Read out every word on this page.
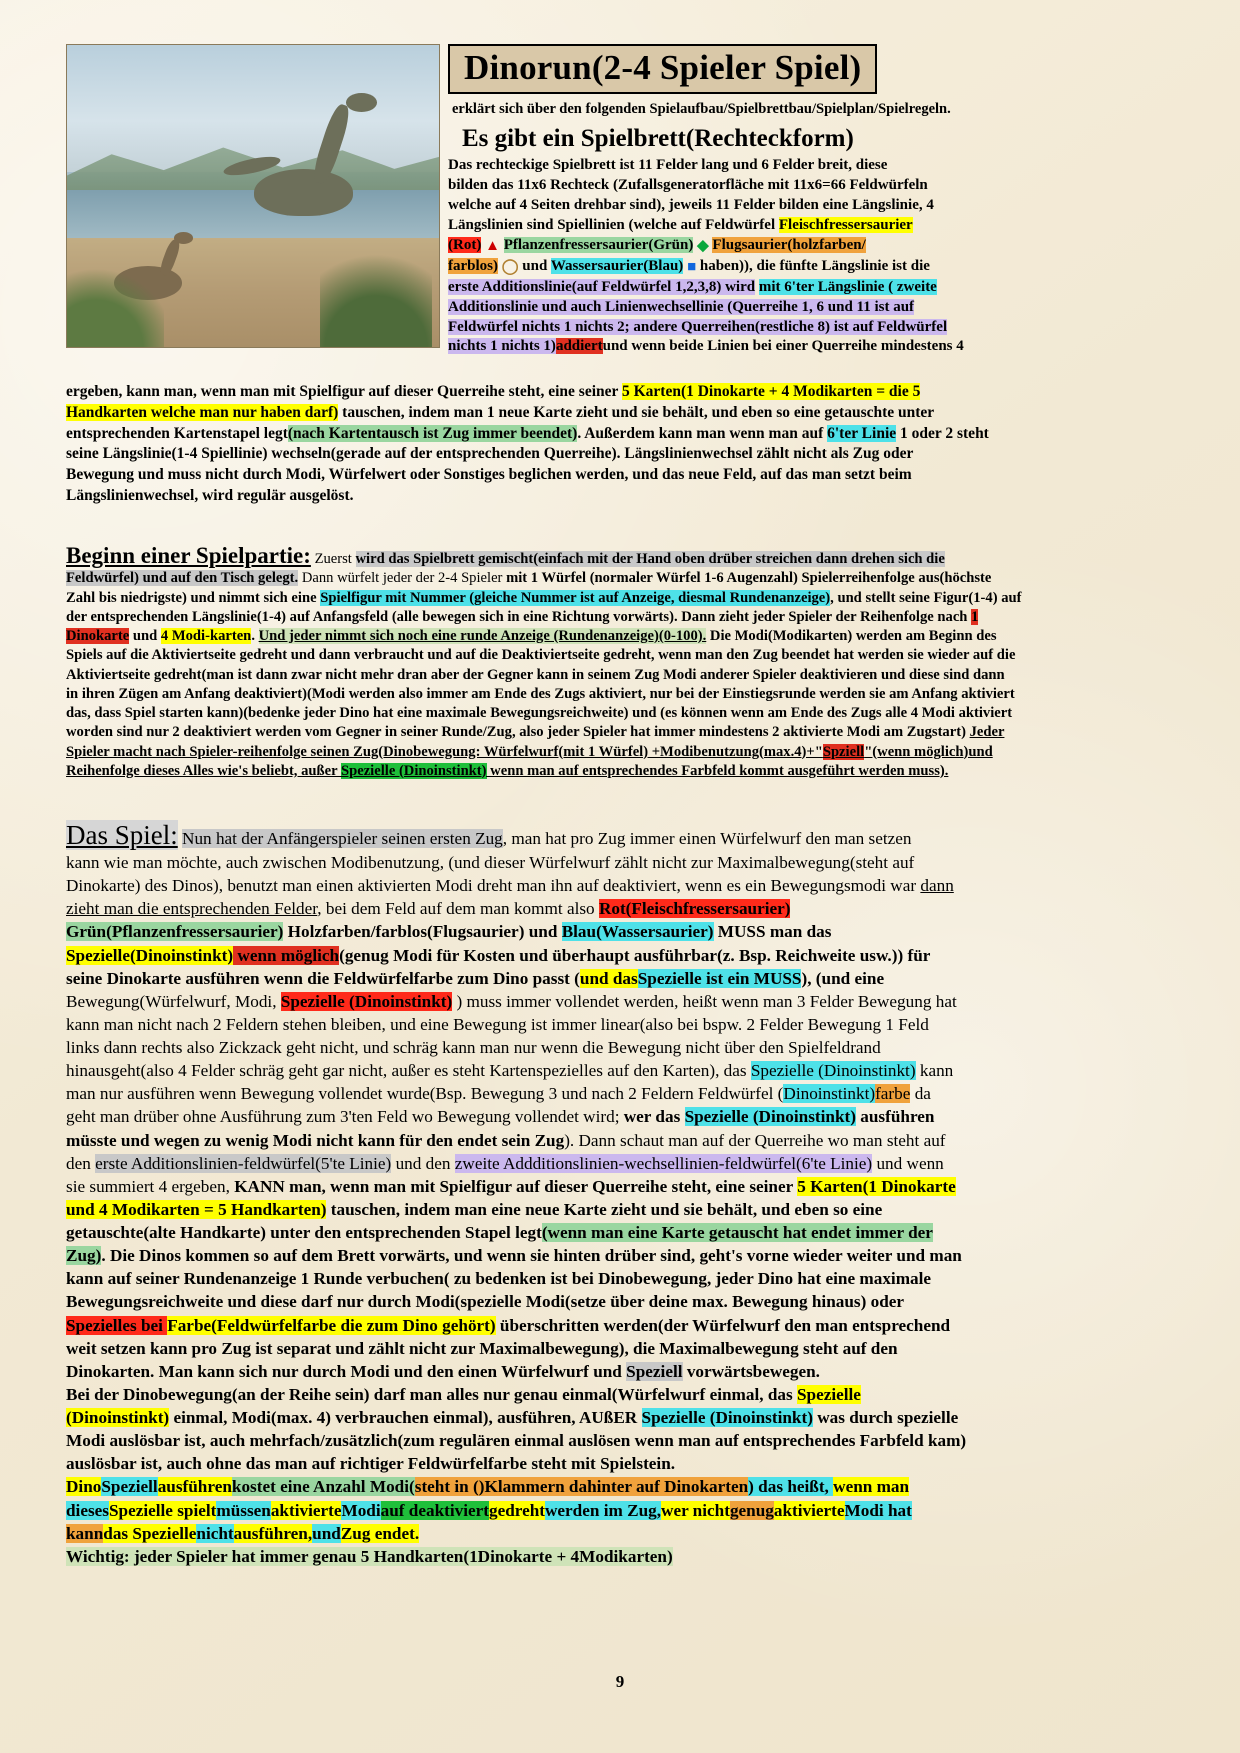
Dinorun(2-4 Spieler Spiel)
erklärt sich über den folgenden Spielaufbau/Spielbrettbau/Spielplan/Spielregeln.
Es gibt ein Spielbrett(Rechteckform)
Das rechteckige Spielbrett ist 11 Felder lang und 6 Felder breit, diese
bilden das 11x6 Rechteck (Zufallsgeneratorfläche mit 11x6=66 Feldwürfeln
welche auf 4 Seiten drehbar sind), jeweils 11 Felder bilden eine Längslinie, 4
Längslinien sind Spiellinien (welche auf Feldwürfel Fleischfressersaurier
(Rot) ▲ Pflanzenfressersaurier(Grün) ◆ Flugsaurier(holzfarben/
farblos) ◯ und Wassersaurier(Blau) ■ haben)), die fünfte Längslinie ist die
erste Additionslinie(auf Feldwürfel 1,2,3,8) wird mit 6'ter Längslinie ( zweite
Additionslinie und auch Linienwechsellinie (Querreihe 1, 6 und 11 ist auf
Feldwürfel nichts 1 nichts 2; andere Querreihen(restliche 8) ist auf Feldwürfel
nichts 1 nichts 1)addiertund wenn beide Linien bei einer Querreihe mindestens 4
ergeben, kann man, wenn man mit Spielfigur auf dieser Querreihe steht, eine seiner 5 Karten(1 Dinokarte + 4 Modikarten = die 5
Handkarten welche man nur haben darf) tauschen, indem man 1 neue Karte zieht und sie behält, und eben so eine getauschte unter
entsprechenden Kartenstapel legt(nach Kartentausch ist Zug immer beendet). Außerdem kann man wenn man auf 6'ter Linie 1 oder 2 steht
seine Längslinie(1-4 Spiellinie) wechseln(gerade auf der entsprechenden Querreihe). Längslinienwechsel zählt nicht als Zug oder
Bewegung und muss nicht durch Modi, Würfelwert oder Sonstiges beglichen werden, und das neue Feld, auf das man setzt beim
Längslinienwechsel, wird regulär ausgelöst.
Beginn einer Spielpartie: Zuerst wird das Spielbrett gemischt(einfach mit der Hand oben drüber streichen dann drehen sich die
Feldwürfel) und auf den Tisch gelegt. Dann würfelt jeder der 2-4 Spieler mit 1 Würfel (normaler Würfel 1-6 Augenzahl) Spielerreihenfolge aus(höchste
Zahl bis niedrigste) und nimmt sich eine Spielfigur mit Nummer (gleiche Nummer ist auf Anzeige, diesmal Rundenanzeige), und stellt seine Figur(1-4) auf
der entsprechenden Längslinie(1-4) auf Anfangsfeld (alle bewegen sich in eine Richtung vorwärts). Dann zieht jeder Spieler der Reihenfolge nach 1
Dinokarte und 4 Modi-karten. Und jeder nimmt sich noch eine runde Anzeige (Rundenanzeige)(0-100). Die Modi(Modikarten) werden am Beginn des
Spiels auf die Aktiviertseite gedreht und dann verbraucht und auf die Deaktiviertseite gedreht, wenn man den Zug beendet hat werden sie wieder auf die
Aktiviertseite gedreht(man ist dann zwar nicht mehr dran aber der Gegner kann in seinem Zug Modi anderer Spieler deaktivieren und diese sind dann
in ihren Zügen am Anfang deaktiviert)(Modi werden also immer am Ende des Zugs aktiviert, nur bei der Einstiegsrunde werden sie am Anfang aktiviert
das, dass Spiel starten kann)(bedenke jeder Dino hat eine maximale Bewegungsreichweite) und (es können wenn am Ende des Zugs alle 4 Modi aktiviert
worden sind nur 2 deaktiviert werden vom Gegner in seiner Runde/Zug, also jeder Spieler hat immer mindestens 2 aktivierte Modi am Zugstart) Jeder
Spieler macht nach Spieler-reihenfolge seinen Zug(Dinobewegung: Würfelwurf(mit 1 Würfel) +Modibenutzung(max.4)+"Spziell"(wenn möglich)und
Reihenfolge dieses Alles wie's beliebt, außer Spezielle (Dinoinstinkt) wenn man auf entsprechendes Farbfeld kommt ausgeführt werden muss).
Das Spiel: Nun hat der Anfängerspieler seinen ersten Zug, man hat pro Zug immer einen Würfelwurf den man setzen
kann wie man möchte, auch zwischen Modibenutzung, (und dieser Würfelwurf zählt nicht zur Maximalbewegung(steht auf
Dinokarte) des Dinos), benutzt man einen aktivierten Modi dreht man ihn auf deaktiviert, wenn es ein Bewegungsmodi war dann
zieht man die entsprechenden Felder, bei dem Feld auf dem man kommt also Rot(Fleischfressersaurier)
Grün(Pflanzenfressersaurier) Holzfarben/farblos(Flugsaurier) und Blau(Wassersaurier) MUSS man das
Spezielle(Dinoinstinkt) wenn möglich(genug Modi für Kosten und überhaupt ausführbar(z. Bsp. Reichweite usw.)) für
seine Dinokarte ausführen wenn die Feldwürfelfarbe zum Dino passt (und dasSpezielle ist ein MUSS), (und eine
Bewegung(Würfelwurf, Modi, Spezielle (Dinoinstinkt) ) muss immer vollendet werden, heißt wenn man 3 Felder Bewegung hat
kann man nicht nach 2 Feldern stehen bleiben, und eine Bewegung ist immer linear(also bei bspw. 2 Felder Bewegung 1 Feld
links dann rechts also Zickzack geht nicht, und schräg kann man nur wenn die Bewegung nicht über den Spielfeldrand
hinausgeht(also 4 Felder schräg geht gar nicht, außer es steht Kartenspezielles auf den Karten), das Spezielle (Dinoinstinkt) kann
man nur ausführen wenn Bewegung vollendet wurde(Bsp. Bewegung 3 und nach 2 Feldern Feldwürfel (Dinoinstinkt)farbe da
geht man drüber ohne Ausführung zum 3'ten Feld wo Bewegung vollendet wird; wer das Spezielle (Dinoinstinkt) ausführen
müsste und wegen zu wenig Modi nicht kann für den endet sein Zug). Dann schaut man auf der Querreihe wo man steht auf
den erste Additionslinien-feldwürfel(5'te Linie) und den zweite Addditionslinien-wechsellinien-feldwürfel(6'te Linie) und wenn
sie summiert 4 ergeben, KANN man, wenn man mit Spielfigur auf dieser Querreihe steht, eine seiner 5 Karten(1 Dinokarte
und 4 Modikarten = 5 Handkarten) tauschen, indem man eine neue Karte zieht und sie behält, und eben so eine
getauschte(alte Handkarte) unter den entsprechenden Stapel legt(wenn man eine Karte getauscht hat endet immer der
Zug). Die Dinos kommen so auf dem Brett vorwärts, und wenn sie hinten drüber sind, geht's vorne wieder weiter und man
kann auf seiner Rundenanzeige 1 Runde verbuchen( zu bedenken ist bei Dinobewegung, jeder Dino hat eine maximale
Bewegungsreichweite und diese darf nur durch Modi(spezielle Modi(setze über deine max. Bewegung hinaus) oder
Spezielles bei Farbe(Feldwürfelfarbe die zum Dino gehört) überschritten werden(der Würfelwurf den man entsprechend
weit setzen kann pro Zug ist separat und zählt nicht zur Maximalbewegung), die Maximalbewegung steht auf den
Dinokarten. Man kann sich nur durch Modi und den einen Würfelwurf und Speziell vorwärtsbewegen.
Bei der Dinobewegung(an der Reihe sein) darf man alles nur genau einmal(Würfelwurf einmal, das Spezielle
(Dinoinstinkt) einmal, Modi(max. 4) verbrauchen einmal), ausführen, AUßER Spezielle (Dinoinstinkt) was durch spezielle
Modi auslösbar ist, auch mehrfach/zusätzlich(zum regulären einmal auslösen wenn man auf entsprechendes Farbfeld kam)
auslösbar ist, auch ohne das man auf richtiger Feldwürfelfarbe steht mit Spielstein.
DinoSpeziellausführenkostet eine Anzahl Modi(steht in ()Klammern dahinter auf Dinokarten) das heißt, wenn man
diesesSpezielle spieltmüssenaktivierteModiauf deaktiviertgedrehtwerden im Zug,wer nichtgenugaktivierteModi hat
kanndas Speziellenichtausführen,undZug endet.
Wichtig: jeder Spieler hat immer genau 5 Handkarten(1Dinokarte + 4Modikarten)
9
